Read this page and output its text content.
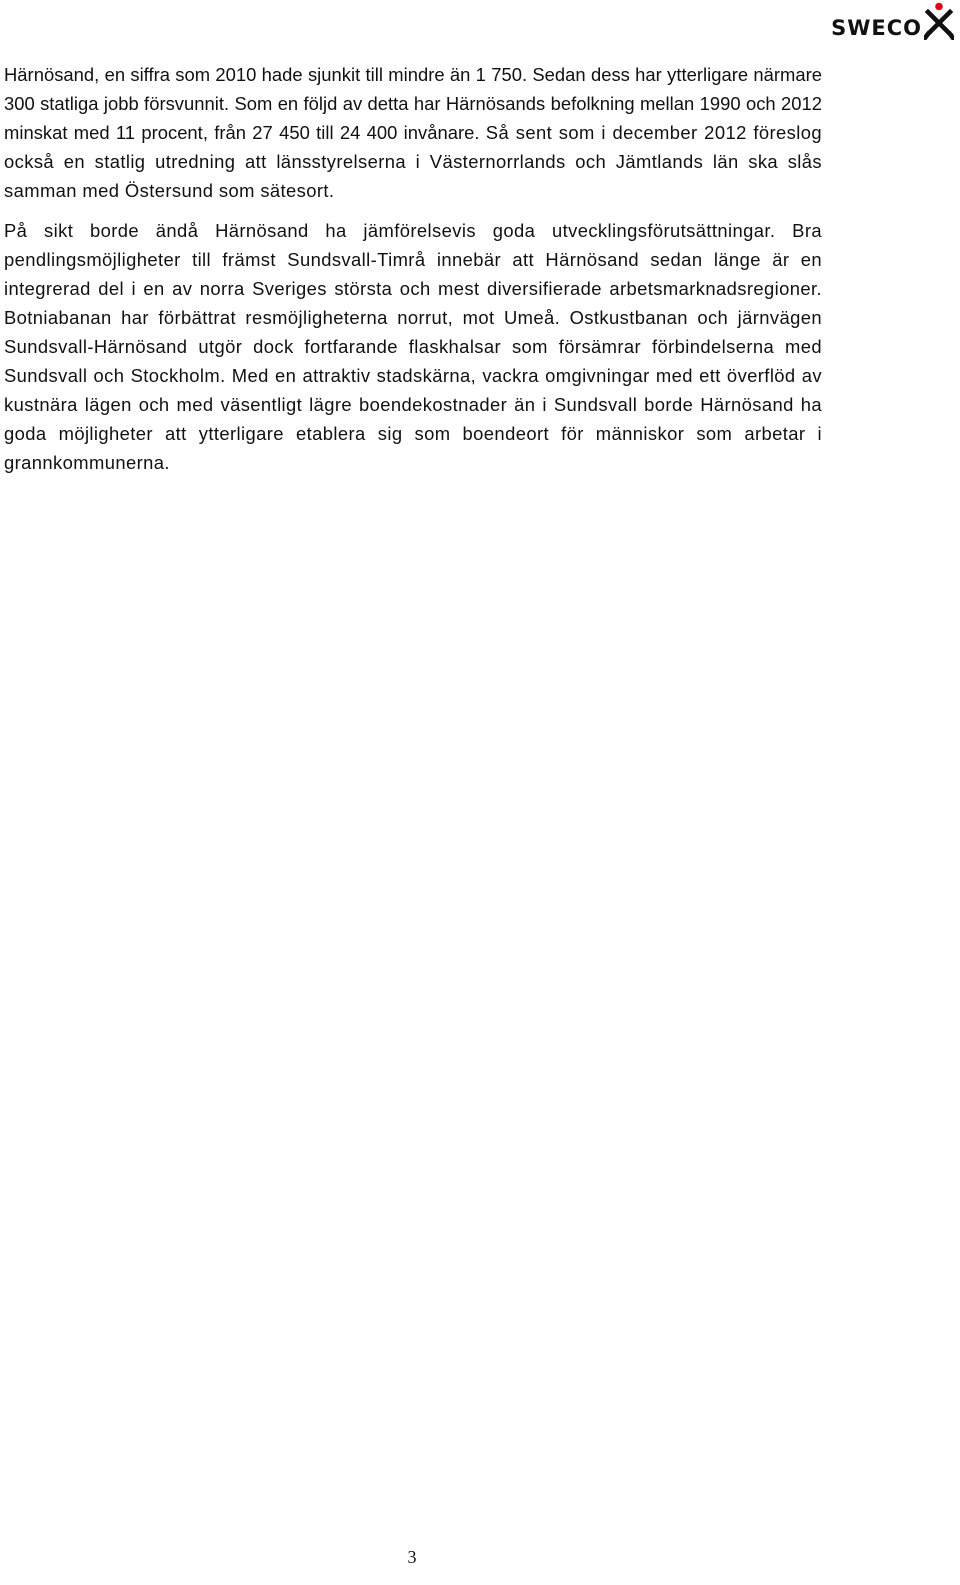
SWECO

Härnösand, en siffra som 2010 hade sjunkit till mindre än 1 750. Sedan dess har ytterligare närmare 300 statliga jobb försvunnit. Som en följd av detta har Härnösands befolkning mellan 1990 och 2012 minskat med 11 procent, från 27 450 till 24 400 invånare. Så sent som i december 2012 föreslog också en statlig utredning att länsstyrelserna i Västernorrlands och Jämtlands län ska slås samman med Östersund som sätesort.

På sikt borde ändå Härnösand ha jämförelsevis goda utvecklingsförutsättningar. Bra pendlingsmöjligheter till främst Sundsvall-Timrå innebär att Härnösand sedan länge är en integrerad del i en av norra Sveriges största och mest diversifierade arbetsmarknadsregioner. Botniabanan har förbättrat resmöjligheterna norrut, mot Umeå. Ostkustbanan och järnvägen Sundsvall-Härnösand utgör dock fortfarande flaskhalsar som försämrar förbindelserna med Sundsvall och Stockholm. Med en attraktiv stadskärna, vackra omgivningar med ett överflöd av kustnära lägen och med väsentligt lägre boendekostnader än i Sundsvall borde Härnösand ha goda möjligheter att ytterligare etablera sig som boendeort för människor som arbetar i grannkommunerna.

3
